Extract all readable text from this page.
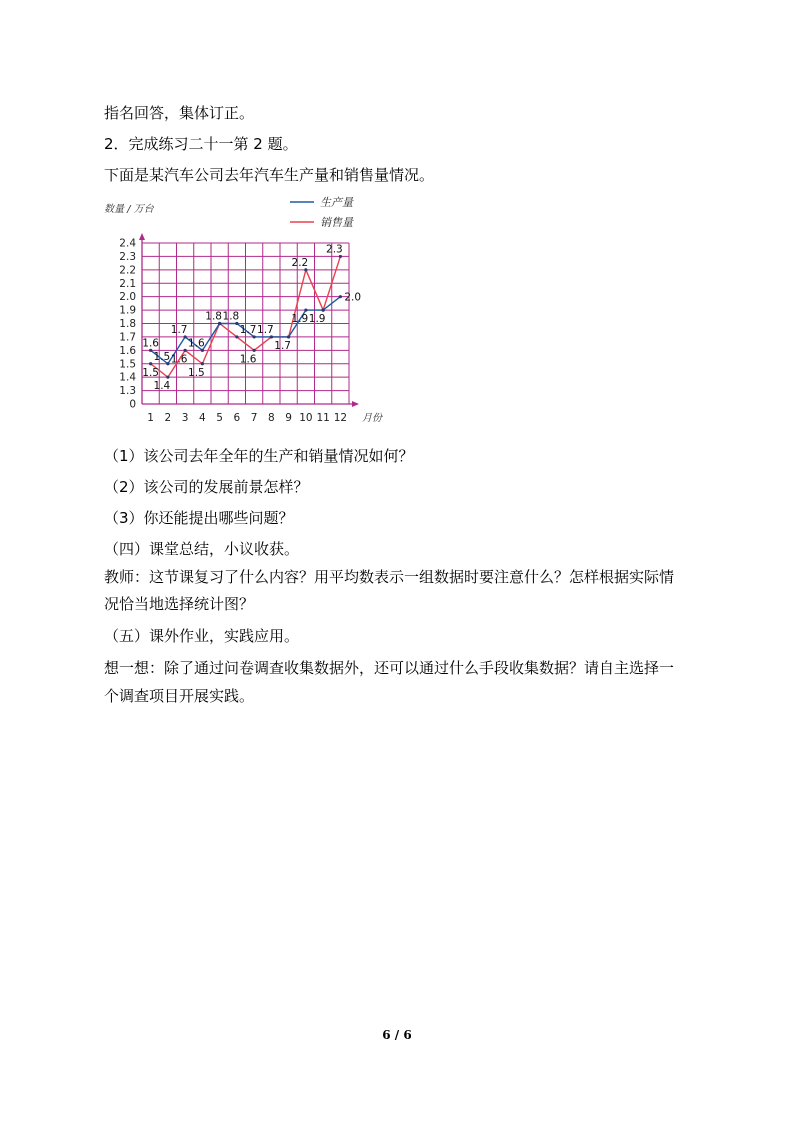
指名回答，集体订正。
2．完成练习二十一第 2 题。
下面是某汽车公司去年汽车生产量和销售量情况。
0
1.3
1.4
1.5
1.6
1.7
1.8
1.9
2.0
2.1
2.2
2.3
2.4
1 2 3 4 5 6 7 8 9 10 11 12
数量 / 万台
月份
生产量
销售量
1.6
1.5
1.5
1.4
1.7
1.6
1.6
1.5
1.8 1.8
1.7
1.6
1.7
1.7
2.2
1.9 1.9
2.3
2.0
（1）该公司去年全年的生产和销量情况如何？
（2）该公司的发展前景怎样？
（3）你还能提出哪些问题？
（四）课堂总结，小议收获。
教师：这节课复习了什么内容？用平均数表示一组数据时要注意什么？怎样根据实际情
况恰当地选择统计图？
（五）课外作业，实践应用。
想一想：除了通过问卷调查收集数据外，还可以通过什么手段收集数据？请自主选择一
个调查项目开展实践。
6 / 6
